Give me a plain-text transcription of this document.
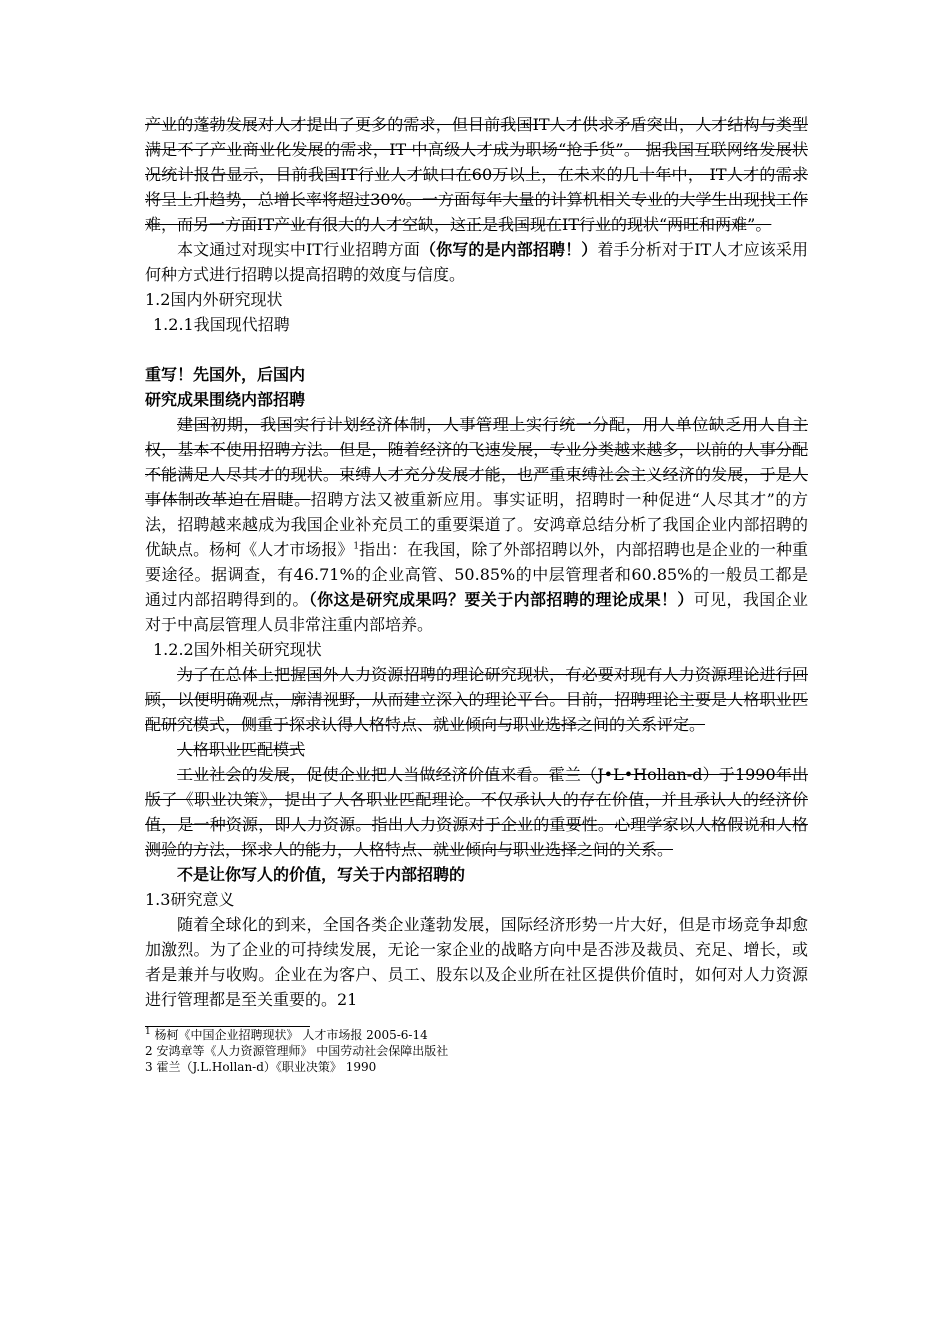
产业的蓬勃发展对人才提出了更多的需求，但目前我国IT人才供求矛盾突出，人才结构与类型满足不了产业商业化发展的需求，IT 中高级人才成为职场“抢手货”。 据我国互联网络发展状况统计报告显示，目前我国IT行业人才缺口在60万以上，在未来的几十年中， IT人才的需求将呈上升趋势，总增长率将超过30%。一方面每年大量的计算机相关专业的大学生出现找工作难，而另一方面IT产业有很大的人才空缺，这正是我国现在IT行业的现状“两旺和两难”。

本文通过对现实中IT行业招聘方面（你写的是内部招聘！）着手分析对于IT人才应该采用何种方式进行招聘以提高招聘的效度与信度。

1.2国内外研究现状

1.2.1我国现代招聘

重写！先国外，后国内

研究成果围绕内部招聘

建国初期，我国实行计划经济体制，人事管理上实行统一分配，用人单位缺乏用人自主权，基本不使用招聘方法。但是，随着经济的飞速发展，专业分类越来越多，以前的人事分配不能满足人尽其才的现状。束缚人才充分发展才能，也严重束缚社会主义经济的发展，于是人事体制改革迫在眉睫。招聘方法又被重新应用。事实证明，招聘时一种促进“人尽其才”的方法，招聘越来越成为我国企业补充员工的重要渠道了。安鸿章总结分析了我国企业内部招聘的优缺点。杨柯《人才市场报》$^1$指出：在我国，除了外部招聘以外，内部招聘也是企业的一种重要途径。据调查，有46.71%的企业高管、50.85%的中层管理者和60.85%的一般员工都是通过内部招聘得到的。（你这是研究成果吗？要关于内部招聘的理论成果！）可见，我国企业对于中高层管理人员非常注重内部培养。

1.2.2国外相关研究现状

为了在总体上把握国外人力资源招聘的理论研究现状，有必要对现有人力资源理论进行回顾，以便明确观点，廓清视野，从而建立深入的理论平台。目前，招聘理论主要是人格职业匹配研究模式，侧重于探求认得人格特点、就业倾向与职业选择之间的关系评定。

人格职业匹配模式

工业社会的发展，促使企业把人当做经济价值来看。霍兰（J•L•Hollan-d）于1990年出版了《职业决策》，提出了人各职业匹配理论。不仅承认人的存在价值，并且承认人的经济价值，是一种资源，即人力资源。指出人力资源对于企业的重要性。心理学家以人格假说和人格测验的方法，探求人的能力，人格特点、就业倾向与职业选择之间的关系。

不是让你写人的价值，写关于内部招聘的

1.3研究意义

随着全球化的到来，全国各类企业蓬勃发展，国际经济形势一片大好，但是市场竞争却愈加激烈。为了企业的可持续发展，无论一家企业的战略方向中是否涉及裁员、充足、增长，或者是兼并与收购。企业在为客户、员工、股东以及企业所在社区提供价值时，如何对人力资源进行管理都是至关重要的。21

$^1$ 杨柯《中国企业招聘现状》 人才市场报 2005-6-14

2 安鸿章等《人力资源管理师》 中国劳动社会保障出版社

3 霍兰（J.L.Hollan-d）《职业决策》 1990
